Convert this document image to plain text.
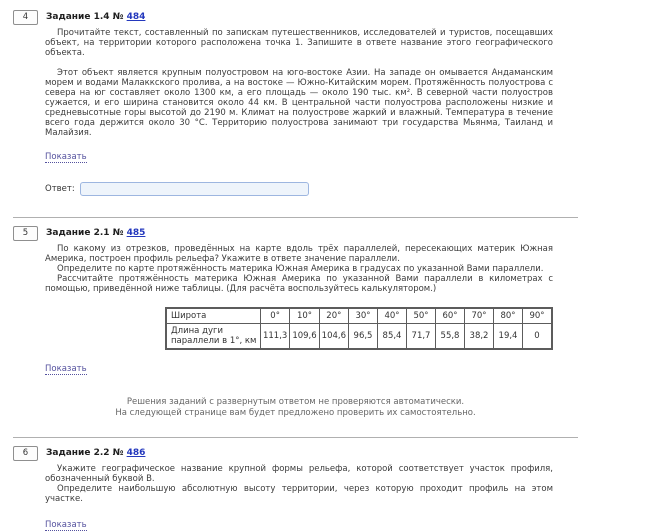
4	Задание 1.4 № 484

Прочитайте текст, составленный по запискам путешественников, исследователей и туристов, посещавших объект, на территории которого расположена точка 1. Запишите в ответе название этого географического объекта.

Этот объект является крупным полуостровом на юго-востоке Азии. На западе он омывается Андаманским морем и водами Малаккского пролива, а на востоке — Южно-Китайским морем. Протяжённость полуострова с севера на юг составляет около 1300 км, а его площадь — около 190 тыс. км². В северной части полуостров сужается, и его ширина становится около 44 км. В центральной части полуострова расположены низкие и средневысотные горы высотой до 2190 м. Климат на полуострове жаркий и влажный. Температура в течение всего года держится около 30 °C. Территорию полуострова занимают три государства Мьянма, Таиланд и Малайзия.

Показать
Ответ:
5	Задание 2.1 № 485

По какому из отрезков, проведённых на карте вдоль трёх параллелей, пересекающих материк Южная Америка, построен профиль рельефа? Укажите в ответе значение параллели.

Определите по карте протяжённость материка Южная Америка в градусах по указанной Вами параллели.

Рассчитайте протяжённость материка Южная Америка по указанной Вами параллели в километрах с помощью, приведённой ниже таблицы. (Для расчёта воспользуйтесь калькулятором.)

Широта	0°	10°	20°	30°	40°	50°	60°	70°	80°	90°
Длина дуги параллели в 1°, км	111,3	109,6	104,6	96,5	85,4	71,7	55,8	38,2	19,4	0
Показать
Решения заданий с развернутым ответом не проверяются автоматически.
На следующей странице вам будет предложено проверить их самостоятельно.
6	Задание 2.2 № 486

Укажите географическое название крупной формы рельефа, которой соответствует участок профиля, обозначенный буквой В.

Определите наибольшую абсолютную высоту территории, через которую проходит профиль на этом участке.

Показать
